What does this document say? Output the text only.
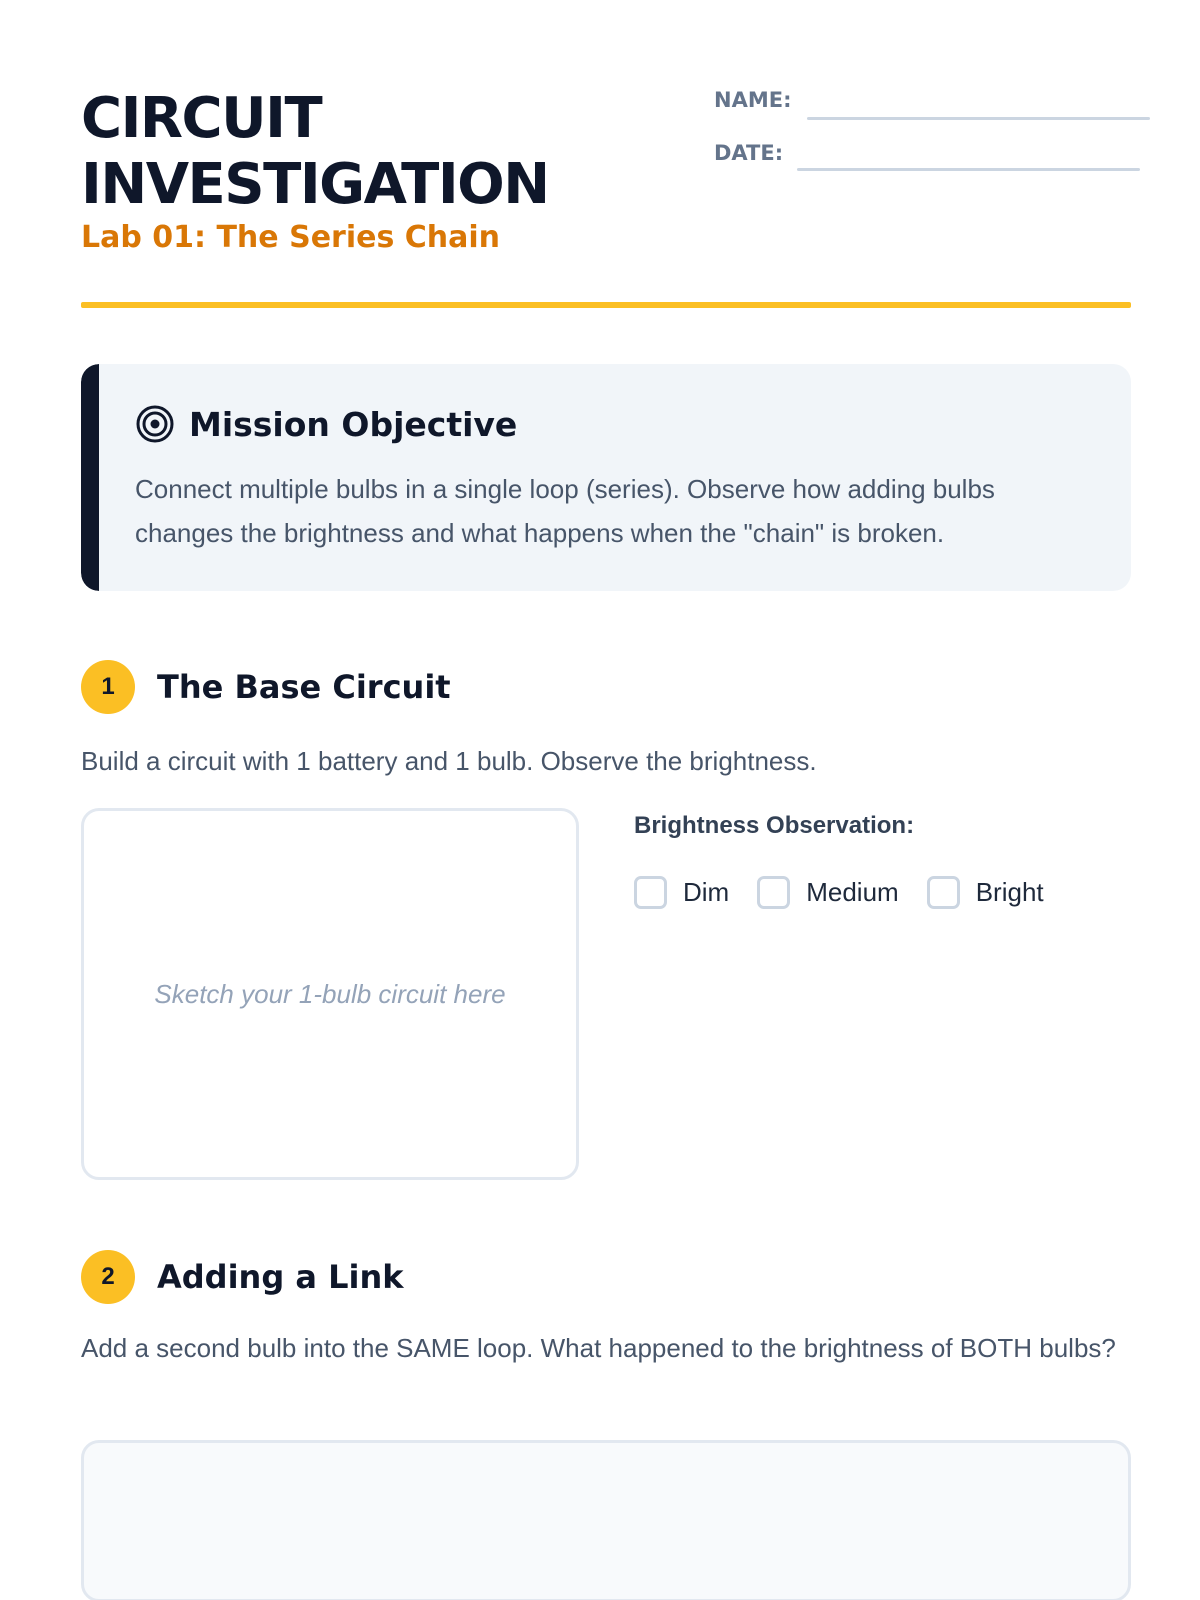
CIRCUIT
INVESTIGATION
Lab 01: The Series Chain
NAME:
DATE:
Mission Objective
Connect multiple bulbs in a single loop (series). Observe how adding bulbs changes the brightness and what happens when the "chain" is broken.
1	The Base Circuit
Build a circuit with 1 battery and 1 bulb. Observe the brightness.
Sketch your 1-bulb circuit here
Brightness Observation:
Dim	Medium	Bright
2	Adding a Link
Add a second bulb into the SAME loop. What happened to the brightness of BOTH bulbs?
